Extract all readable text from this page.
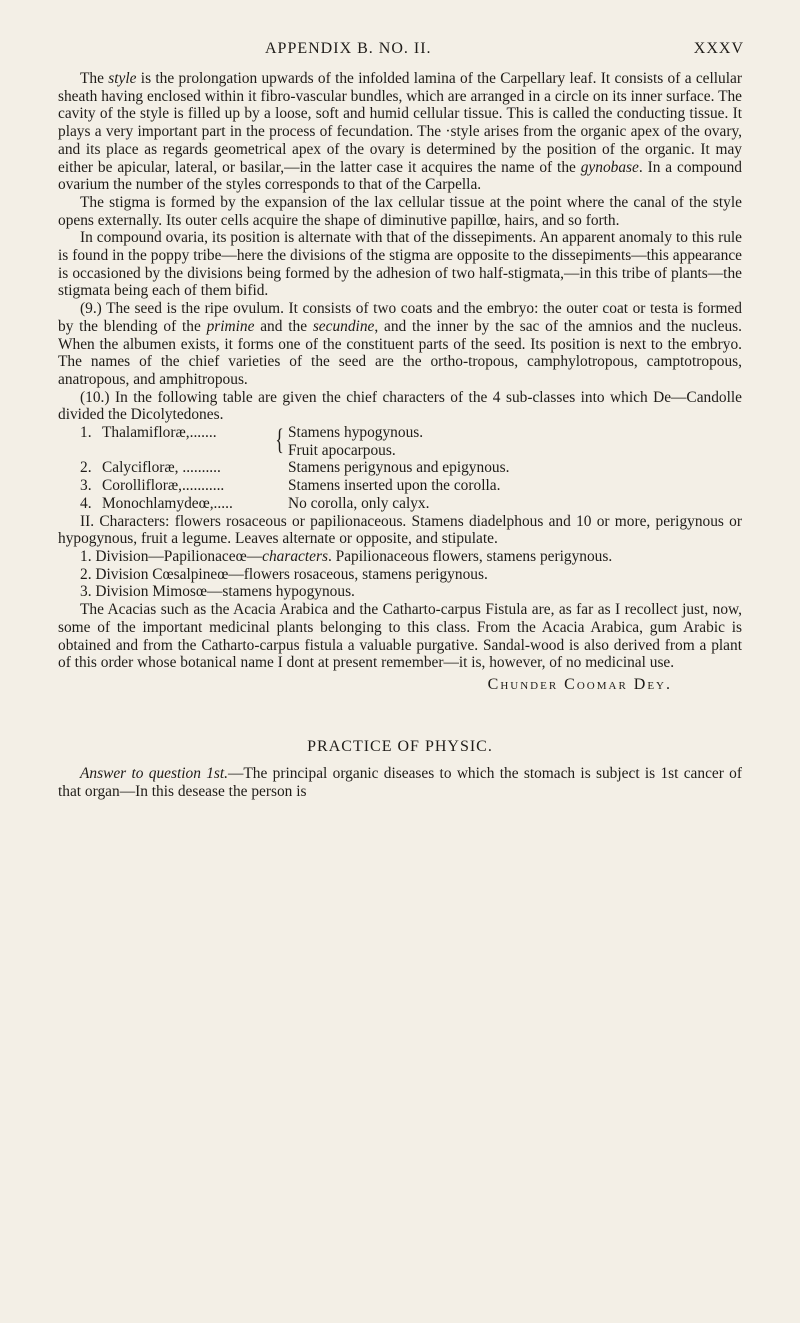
APPENDIX B. NO. II.	XXXV

The style is the prolongation upwards of the infolded lamina of the Carpellary leaf. It consists of a cellular sheath having enclosed within it fibro-vascular bundles, which are arranged in a circle on its inner surface. The cavity of the style is filled up by a loose, soft and humid cellular tissue. This is called the conducting tissue. It plays a very important part in the process of fecundation. The ·style arises from the organic apex of the ovary, and its place as regards geometrical apex of the ovary is determined by the position of the organic. It may either be apicular, lateral, or basilar,—in the latter case it acquires the name of the gynobase. In a compound ovarium the number of the styles corresponds to that of the Carpella.

The stigma is formed by the expansion of the lax cellular tissue at the point where the canal of the style opens externally. Its outer cells acquire the shape of diminutive papillœ, hairs, and so forth.

In compound ovaria, its position is alternate with that of the dissepiments. An apparent anomaly to this rule is found in the poppy tribe—here the divisions of the stigma are opposite to the dissepiments—this appearance is occasioned by the divisions being formed by the adhesion of two half-stigmata,—in this tribe of plants—the stigmata being each of them bifid.

(9.) The seed is the ripe ovulum. It consists of two coats and the embryo: the outer coat or testa is formed by the blending of the primine and the secundine, and the inner by the sac of the amnios and the nucleus. When the albumen exists, it forms one of the constituent parts of the seed. Its position is next to the embryo. The names of the chief varieties of the seed are the ortho-tropous, camphylotropous, camptotropous, anatropous, and amphitropous.

(10.) In the following table are given the chief characters of the 4 sub-classes into which De—Candolle divided the Dicolytedones.

1. Thalamifloræ,.......	{ Stamens hypogynous.
Fruit apocarpous.
2. Calycifloræ, ..........	Stamens perigynous and epigynous.
3. Corollifloræ,...........	Stamens inserted upon the corolla.
4. Monochlamydeœ,.....	No corolla, only calyx.

II. Characters: flowers rosaceous or papilionaceous. Stamens diadelphous and 10 or more, perigynous or hypogynous, fruit a legume. Leaves alternate or opposite, and stipulate.

1. Division—Papilionaceœ—characters. Papilionaceous flowers, stamens perigynous.

2. Division Cœsalpineœ—flowers rosaceous, stamens perigynous.

3. Division Mimosœ—stamens hypogynous.

The Acacias such as the Acacia Arabica and the Catharto-carpus Fistula are, as far as I recollect just, now, some of the important medicinal plants belonging to this class. From the Acacia Arabica, gum Arabic is obtained and from the Catharto-carpus fistula a valuable purgative. Sandal-wood is also derived from a plant of this order whose botanical name I dont at present remember—it is, however, of no medicinal use.

Chunder Coomar Dey.
PRACTICE OF PHYSIC.

Answer to question 1st.—The principal organic diseases to which the stomach is subject is 1st cancer of that organ—In this desease the person is
